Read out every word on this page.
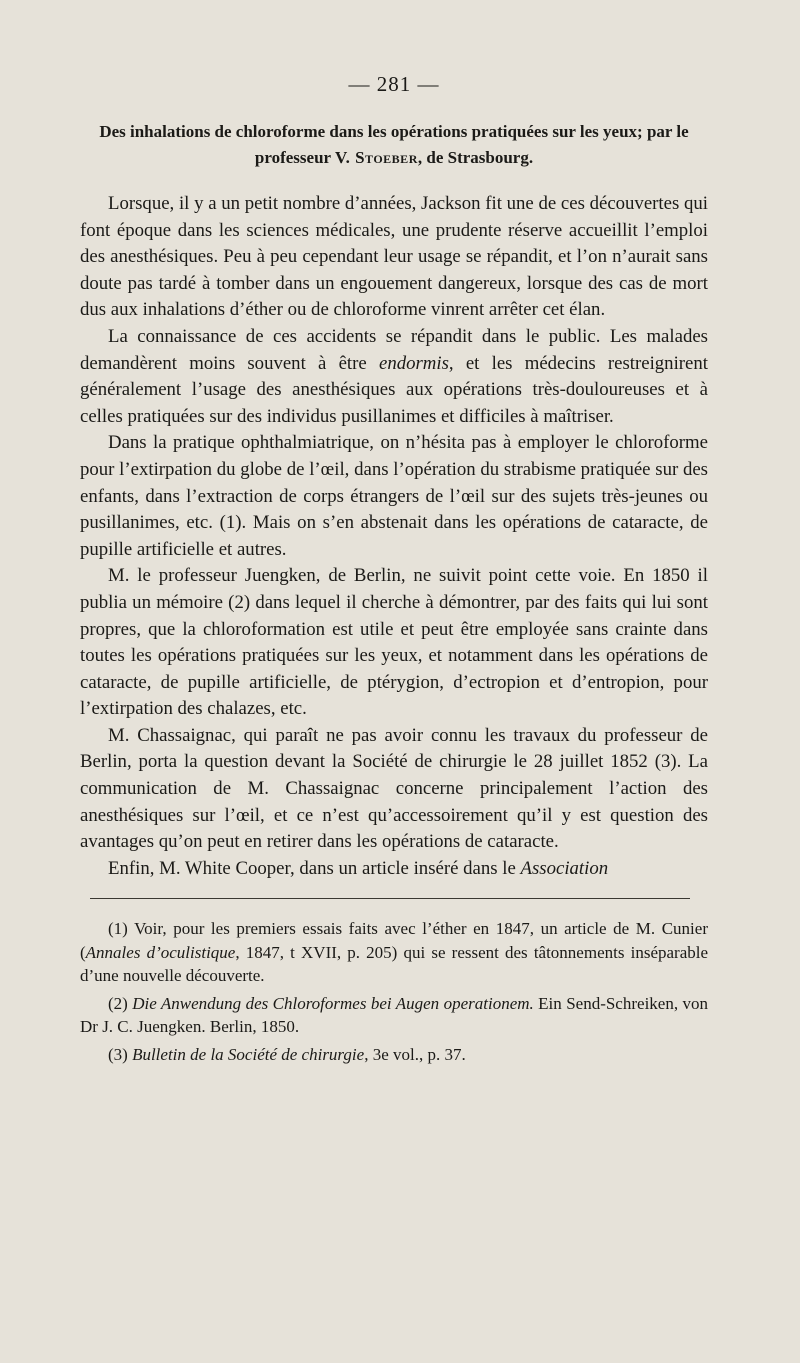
— 281 —
Des inhalations de chloroforme dans les opérations pratiquées sur les yeux; par le professeur V. Stoeber, de Strasbourg.

Lorsque, il y a un petit nombre d’années, Jackson fit une de ces découvertes qui font époque dans les sciences médicales, une prudente réserve accueillit l’emploi des anesthésiques. Peu à peu cependant leur usage se répandit, et l’on n’aurait sans doute pas tardé à tomber dans un engouement dangereux, lorsque des cas de mort dus aux inhalations d’éther ou de chloroforme vinrent arrêter cet élan.

La connaissance de ces accidents se répandit dans le public. Les malades demandèrent moins souvent à être endormis, et les médecins restreignirent généralement l’usage des anesthésiques aux opérations très-douloureuses et à celles pratiquées sur des individus pusillanimes et difficiles à maîtriser.

Dans la pratique ophthalmiatrique, on n’hésita pas à employer le chloroforme pour l’extirpation du globe de l’œil, dans l’opération du strabisme pratiquée sur des enfants, dans l’extraction de corps étrangers de l’œil sur des sujets très-jeunes ou pusillanimes, etc. (1). Mais on s’en abstenait dans les opérations de cataracte, de pupille artificielle et autres.

M. le professeur Juengken, de Berlin, ne suivit point cette voie. En 1850 il publia un mémoire (2) dans lequel il cherche à démontrer, par des faits qui lui sont propres, que la chloroformation est utile et peut être employée sans crainte dans toutes les opérations pratiquées sur les yeux, et notamment dans les opérations de cataracte, de pupille artificielle, de ptérygion, d’ectropion et d’entropion, pour l’extirpation des chalazes, etc.

M. Chassaignac, qui paraît ne pas avoir connu les travaux du professeur de Berlin, porta la question devant la Société de chirurgie le 28 juillet 1852 (3). La communication de M. Chassaignac concerne principalement l’action des anesthésiques sur l’œil, et ce n’est qu’accessoirement qu’il y est question des avantages qu’on peut en retirer dans les opérations de cataracte.

Enfin, M. White Cooper, dans un article inséré dans le Association

(1) Voir, pour les premiers essais faits avec l’éther en 1847, un article de M. Cunier (Annales d’oculistique, 1847, t XVII, p. 205) qui se ressent des tâtonnements inséparable d’une nouvelle découverte.

(2) Die Anwendung des Chloroformes bei Augen operationem. Ein Send-Schreiken, von Dr J. C. Juengken. Berlin, 1850.

(3) Bulletin de la Société de chirurgie, 3e vol., p. 37.
